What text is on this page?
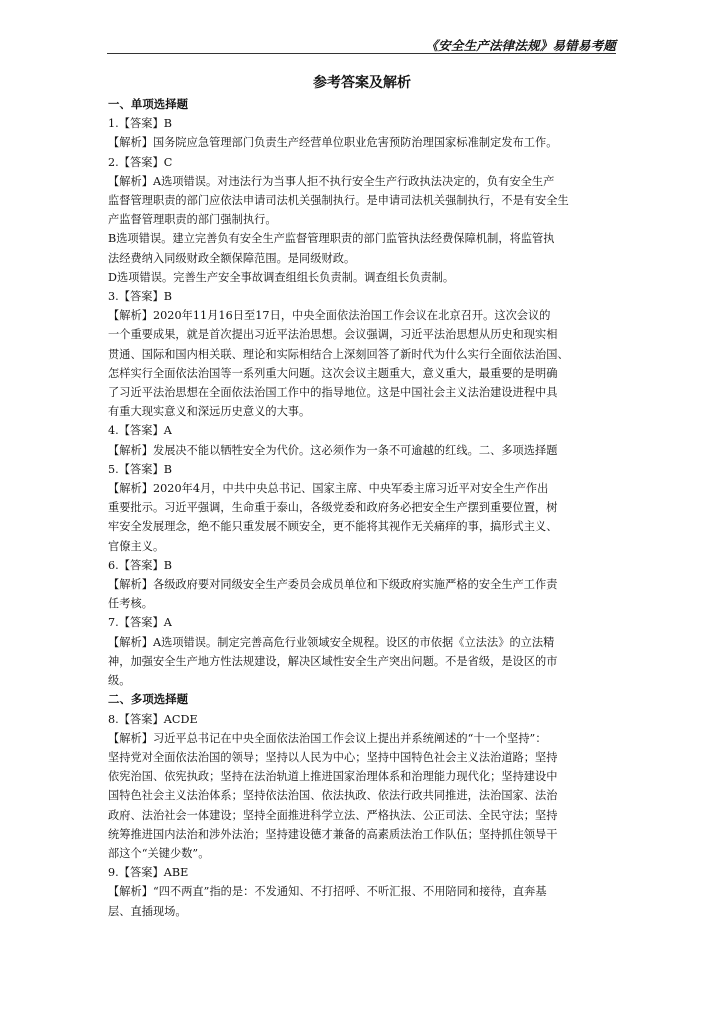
《安全生产法律法规》易错易考题
参考答案及解析
一、单项选择题
1.【答案】B
【解析】国务院应急管理部门负责生产经营单位职业危害预防治理国家标准制定发布工作。
2.【答案】C
【解析】A选项错误。对违法行为当事人拒不执行安全生产行政执法决定的，负有安全生产
监督管理职责的部门应依法申请司法机关强制执行。是申请司法机关强制执行，不是有安全生
产监督管理职责的部门强制执行。
B选项错误。建立完善负有安全生产监督管理职责的部门监管执法经费保障机制，将监管执
法经费纳入同级财政全额保障范围。是同级财政。
D选项错误。完善生产安全事故调查组组长负责制。调查组长负责制。
3.【答案】B
【解析】2020年11月16日至17日，中央全面依法治国工作会议在北京召开。这次会议的
一个重要成果，就是首次提出习近平法治思想。会议强调，习近平法治思想从历史和现实相
贯通、国际和国内相关联、理论和实际相结合上深刻回答了新时代为什么实行全面依法治国、
怎样实行全面依法治国等一系列重大问题。这次会议主题重大，意义重大，最重要的是明确
了习近平法治思想在全面依法治国工作中的指导地位。这是中国社会主义法治建设进程中具
有重大现实意义和深远历史意义的大事。
4.【答案】A
【解析】发展决不能以牺牲安全为代价。这必须作为一条不可逾越的红线。二、多项选择题
5.【答案】B
【解析】2020年4月，中共中央总书记、国家主席、中央军委主席习近平对安全生产作出
重要批示。习近平强调，生命重于泰山，各级党委和政府务必把安全生产摆到重要位置，树
牢安全发展理念，绝不能只重发展不顾安全，更不能将其视作无关痛痒的事，搞形式主义、
官僚主义。
6.【答案】B
【解析】各级政府要对同级安全生产委员会成员单位和下级政府实施严格的安全生产工作责
任考核。
7.【答案】A
【解析】A选项错误。制定完善高危行业领域安全规程。设区的市依据《立法法》的立法精
神，加强安全生产地方性法规建设，解决区域性安全生产突出问题。不是省级，是设区的市
级。
二、多项选择题
8.【答案】ACDE
【解析】习近平总书记在中央全面依法治国工作会议上提出并系统阐述的“十一个坚持”：
坚持党对全面依法治国的领导；坚持以人民为中心；坚持中国特色社会主义法治道路；坚持
依宪治国、依宪执政；坚持在法治轨道上推进国家治理体系和治理能力现代化；坚持建设中
国特色社会主义法治体系；坚持依法治国、依法执政、依法行政共同推进，法治国家、法治
政府、法治社会一体建设；坚持全面推进科学立法、严格执法、公正司法、全民守法；坚持
统筹推进国内法治和涉外法治；坚持建设德才兼备的高素质法治工作队伍；坚持抓住领导干
部这个“关键少数”。
9.【答案】ABE
【解析】“四不两直”指的是：不发通知、不打招呼、不听汇报、不用陪同和接待，直奔基
层、直插现场。
